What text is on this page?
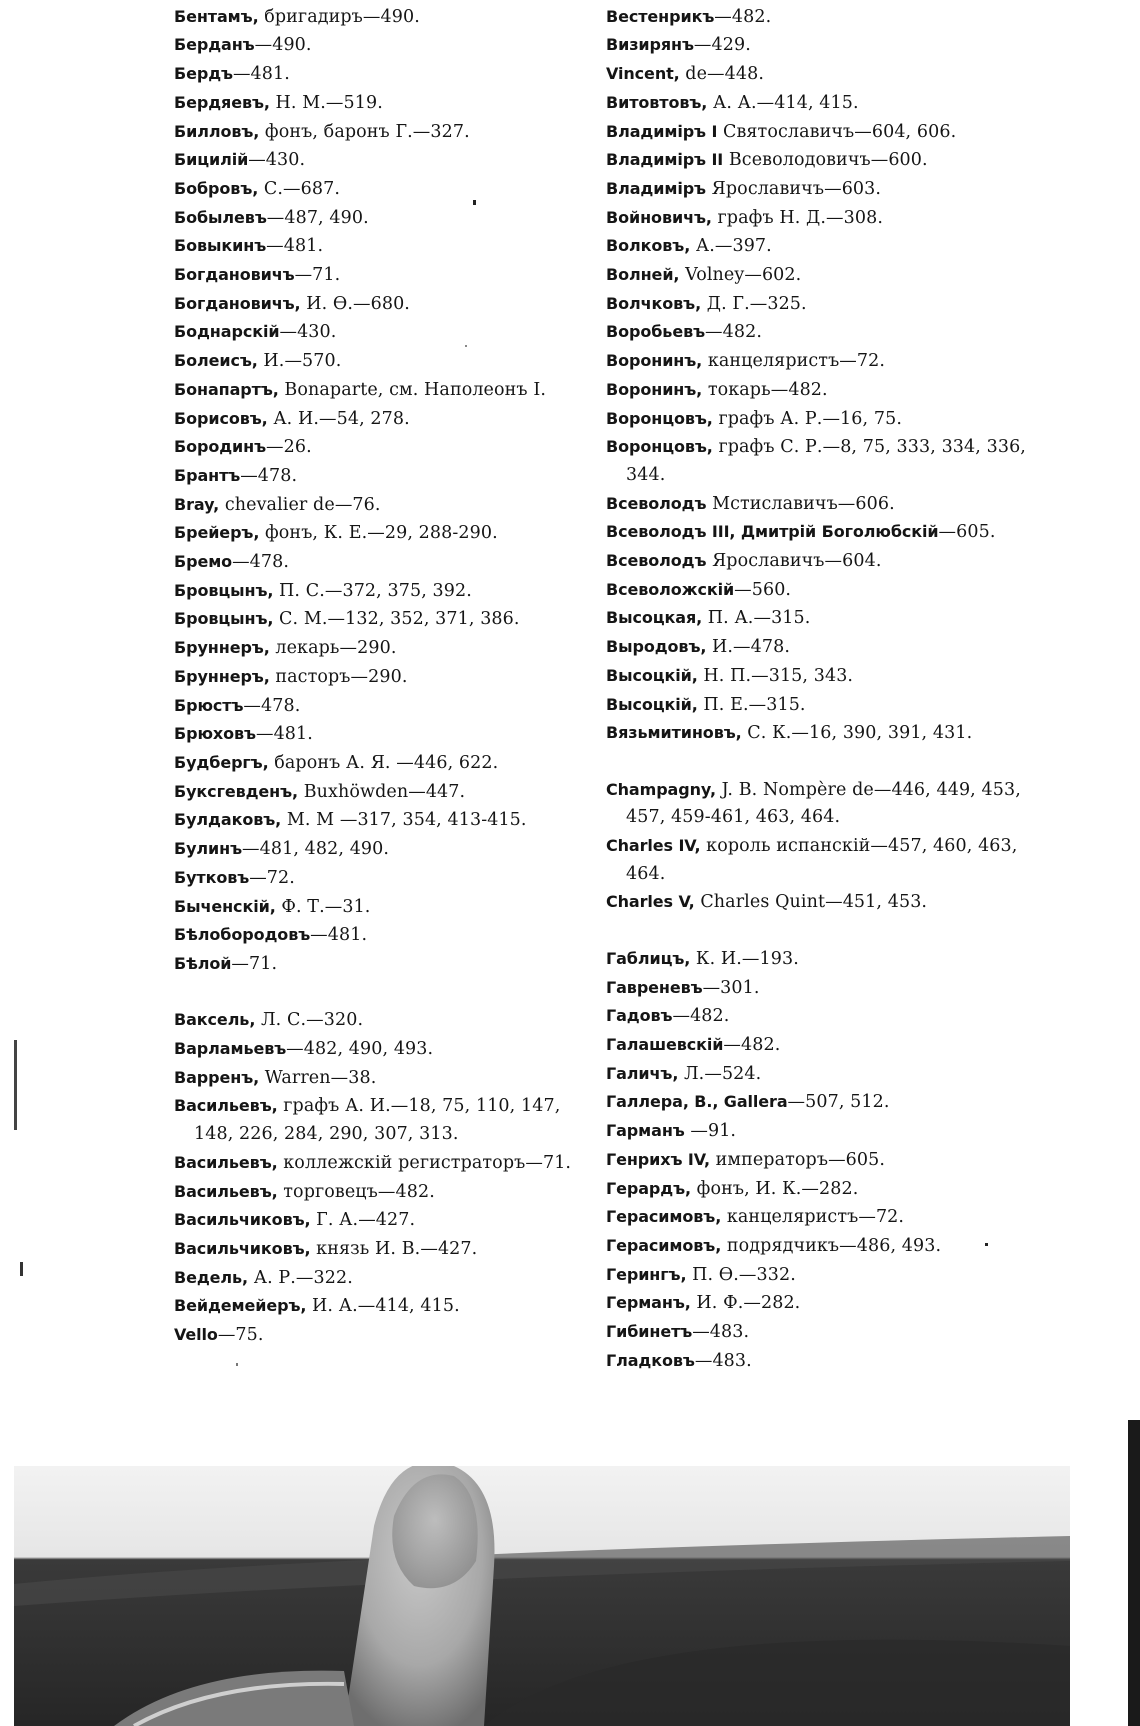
Бентамъ, бригадиръ—490.

Берданъ—490.

Бердъ—481.

Бердяевъ, Н. М.—519.

Билловъ, фонъ, баронъ Г.—327.

Бицилій—430.

Бобровъ, С.—687.

Бобылевъ—487, 490.

Бовыкинъ—481.

Богдановичъ—71.

Богдановичъ, И. Ѳ.—680.

Боднарскій—430.

Болеисъ, И.—570.

Бонапартъ, Bonaparte, см. Наполеонъ I.

Борисовъ, А. И.—54, 278.

Бородинъ—26.

Брантъ—478.

Bray, chevalier de—76.

Брейеръ, фонъ, К. Е.—29, 288-290.

Бремо—478.

Бровцынъ, П. С.—372, 375, 392.

Бровцынъ, С. М.—132, 352, 371, 386.

Бруннеръ, лекарь—290.

Бруннеръ, пасторъ—290.

Брюстъ—478.

Брюховъ—481.

Будбергъ, баронъ А. Я. —446, 622.

Буксгевденъ, Buxhöwden—447.

Булдаковъ, М. М —317, 354, 413-415.

Булинъ—481, 482, 490.

Бутковъ—72.

Быченскій, Ф. Т.—31.

Бѣлобородовъ—481.

Бѣлой—71.

Ваксель, Л. С.—320.

Варламьевъ—482, 490, 493.

Варренъ, Warren—38.

Васильевъ, графъ А. И.—18, 75, 110, 147, 148, 226, 284, 290, 307, 313.

Васильевъ, коллежскій регистраторъ—71.

Васильевъ, торговецъ—482.

Васильчиковъ, Г. А.—427.

Васильчиковъ, князь И. В.—427.

Ведель, А. Р.—322.

Вейдемейеръ, И. А.—414, 415.

Vello—75.

Вестенрикъ—482.

Визирянъ—429.

Vincent, de—448.

Витовтовъ, А. А.—414, 415.

Владиміръ I Святославичъ—604, 606.

Владиміръ II Всеволодовичъ—600.

Владиміръ Ярославичъ—603.

Войновичъ, графъ Н. Д.—308.

Волковъ, А.—397.

Волней, Volney—602.

Волчковъ, Д. Г.—325.

Воробьевъ—482.

Воронинъ, канцеляристъ—72.

Воронинъ, токарь—482.

Воронцовъ, графъ А. Р.—16, 75.

Воронцовъ, графъ С. Р.—8, 75, 333, 334, 336, 344.

Всеволодъ Мстиславичъ—606.

Всеволодъ III, Дмитрій Боголюбскій—605.

Всеволодъ Ярославичъ—604.

Всеволожскій—560.

Высоцкая, П. А.—315.

Выродовъ, И.—478.

Высоцкій, Н. П.—315, 343.

Высоцкій, П. Е.—315.

Вязьмитиновъ, С. К.—16, 390, 391, 431.

Champagny, J. B. Nompère de—446, 449, 453, 457, 459-461, 463, 464.

Charles IV, король испанскій—457, 460, 463, 464.

Charles V, Charles Quint—451, 453.

Габлицъ, К. И.—193.

Гавреневъ—301.

Гадовъ—482.

Галашевскій—482.

Галичъ, Л.—524.

Галлера, В., Gallera—507, 512.

Гарманъ —91.

Генрихъ IV, императоръ—605.

Герардъ, фонъ, И. К.—282.

Герасимовъ, канцеляристъ—72.

Герасимовъ, подрядчикъ—486, 493.

Герингъ, П. Ѳ.—332.

Германъ, И. Ф.—282.

Гибинетъ—483.

Гладковъ—483.
